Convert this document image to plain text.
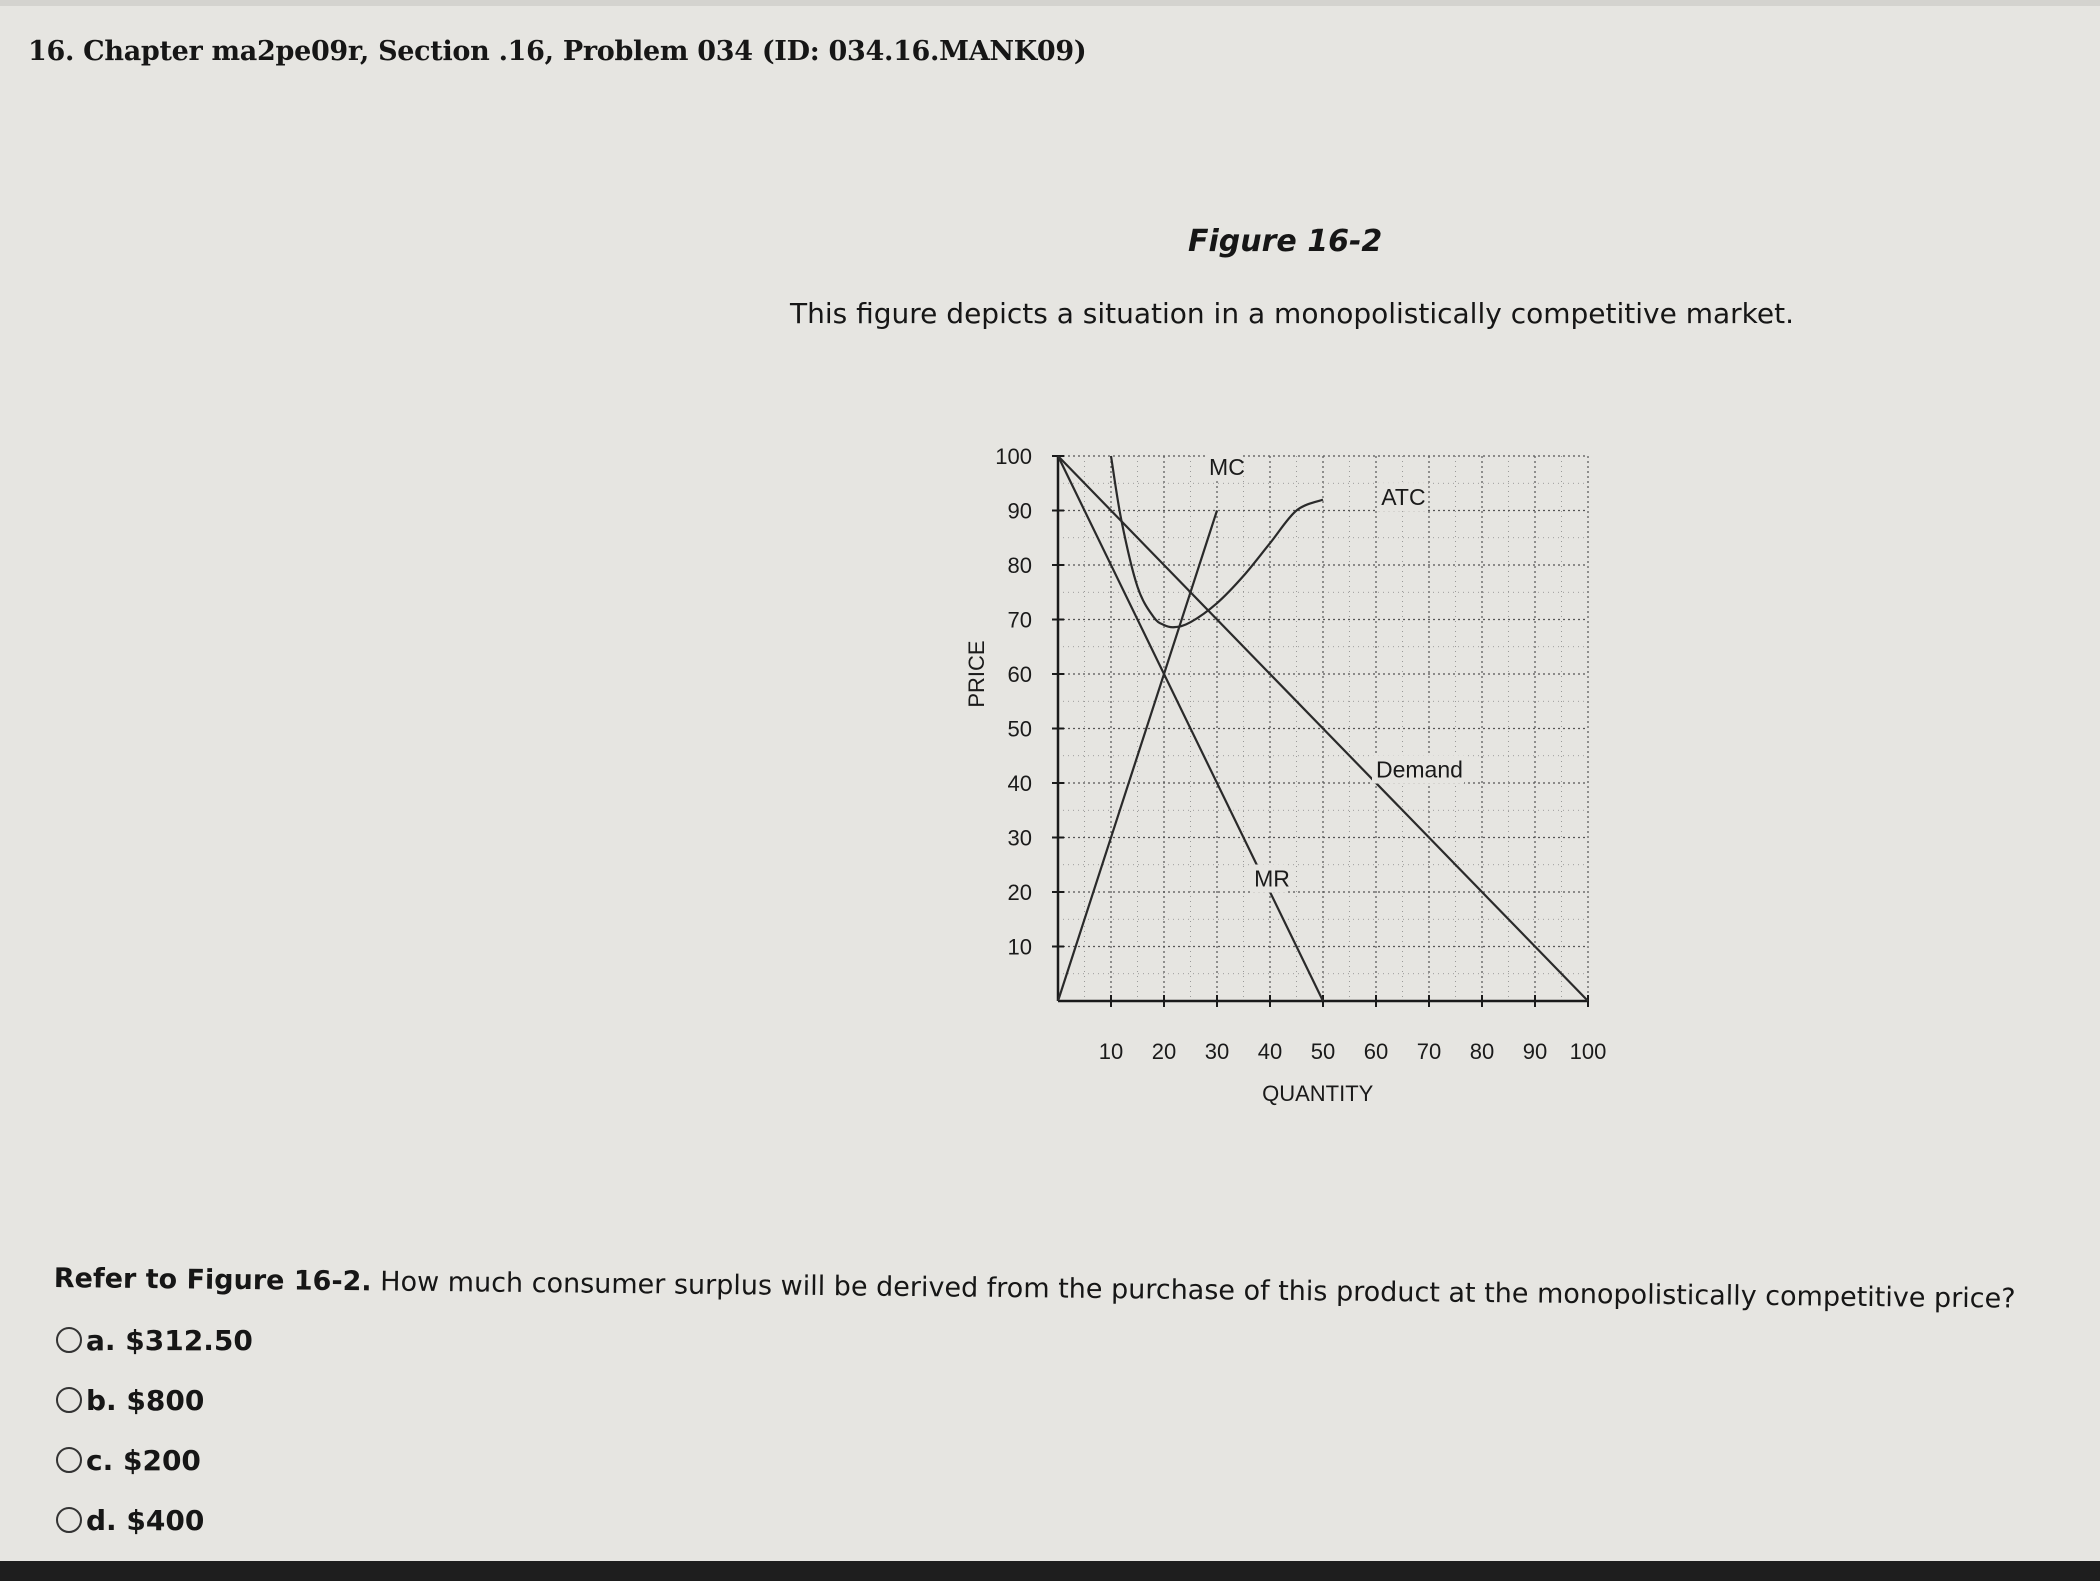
16. Chapter ma2pe09r, Section .16, Problem 034 (ID: 034.16.MANK09)
Figure 16-2
This figure depicts a situation in a monopolistically competitive market.
10
20
30
40
50
60
70
80
90
100
10 20 30 40 50 60 70 80 90 100
QUANTITY
PRICE
Demand
MR
MC
ATC
Refer to Figure 16-2. How much consumer surplus will be derived from the purchase of this product at the monopolistically competitive price?
a. $312.50
b. $800
c. $200
d. $400
